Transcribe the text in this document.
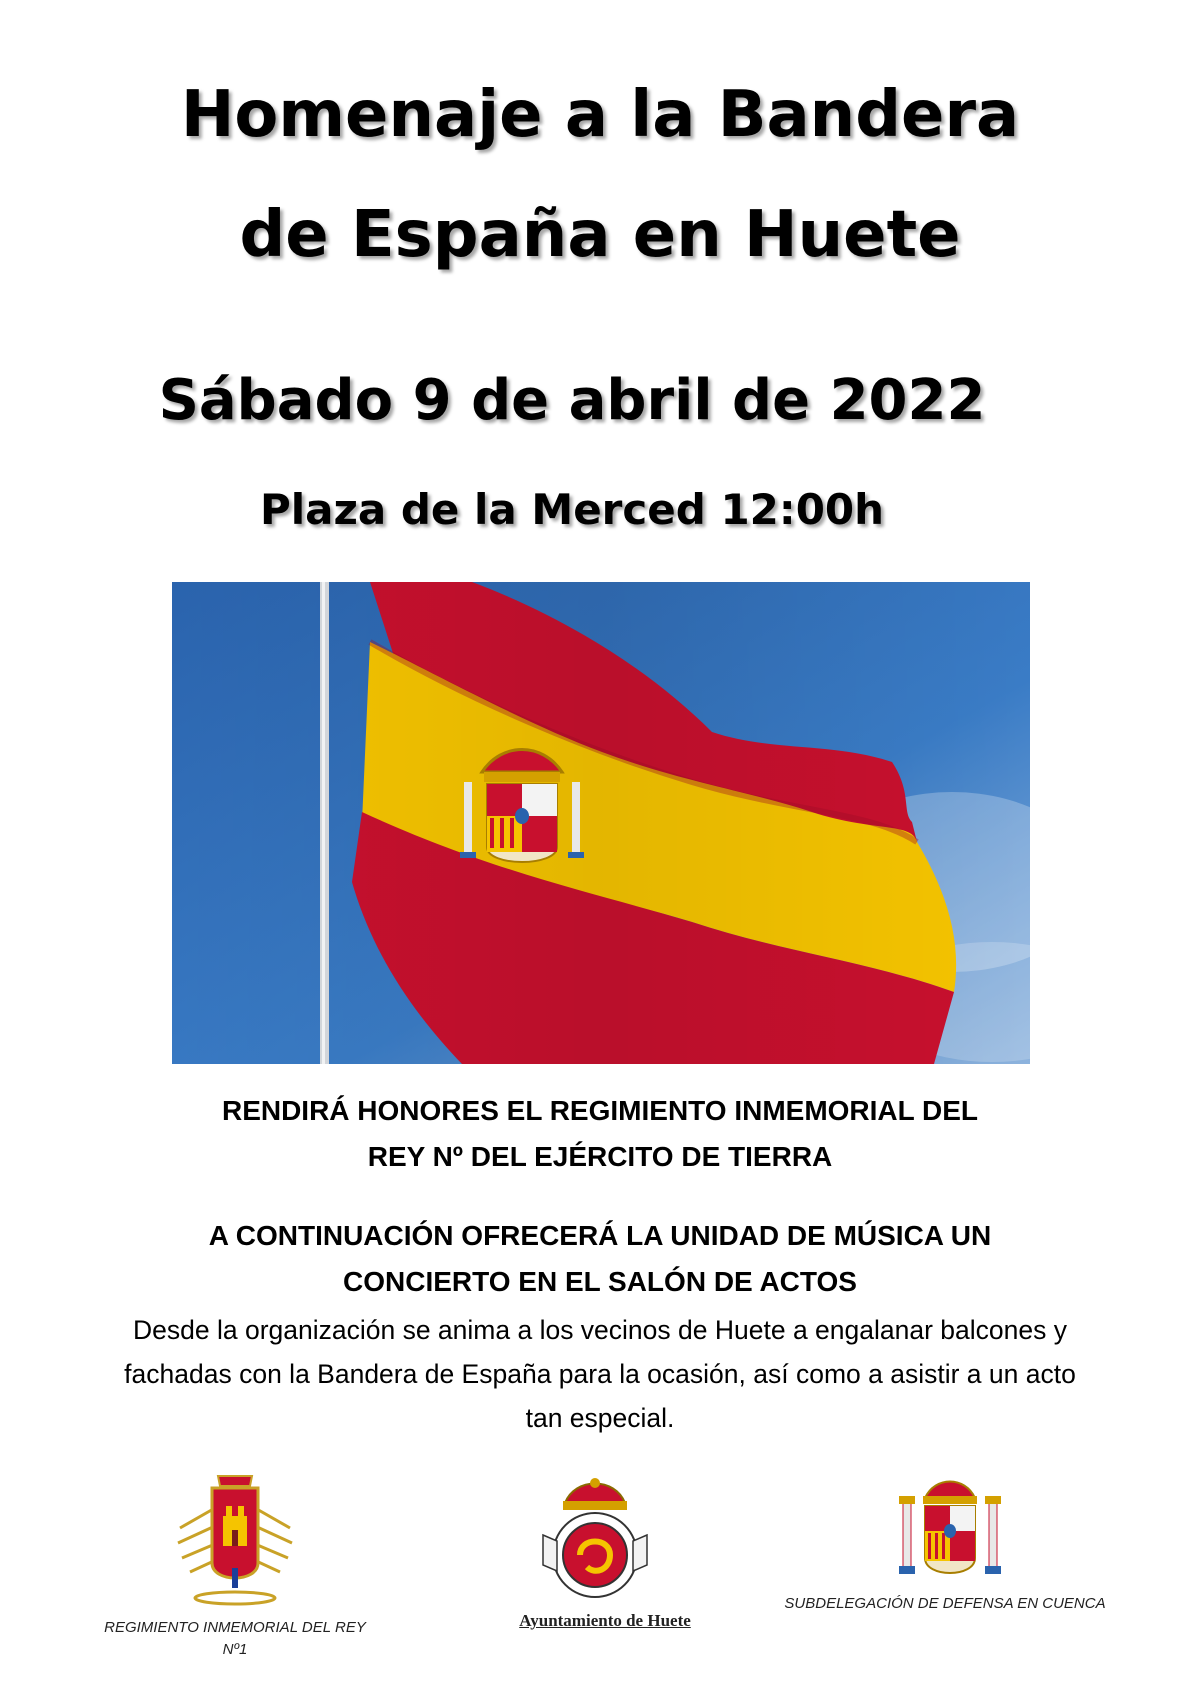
Homenaje a la Bandera
de España en Huete
Sábado 9 de abril de 2022
Plaza de la Merced 12:00h

RENDIRÁ HONORES EL REGIMIENTO INMEMORIAL DEL REY Nº DEL EJÉRCITO DE TIERRA

A CONTINUACIÓN OFRECERÁ LA UNIDAD DE MÚSICA UN CONCIERTO EN EL SALÓN DE ACTOS

Desde la organización se anima a los vecinos de Huete a engalanar balcones y fachadas con la Bandera de España para la ocasión, así como a asistir a un acto tan especial.

REGIMIENTO INMEMORIAL DEL REY Nº1
Ayuntamiento de Huete
SUBDELEGACIÓN DE DEFENSA EN CUENCA
